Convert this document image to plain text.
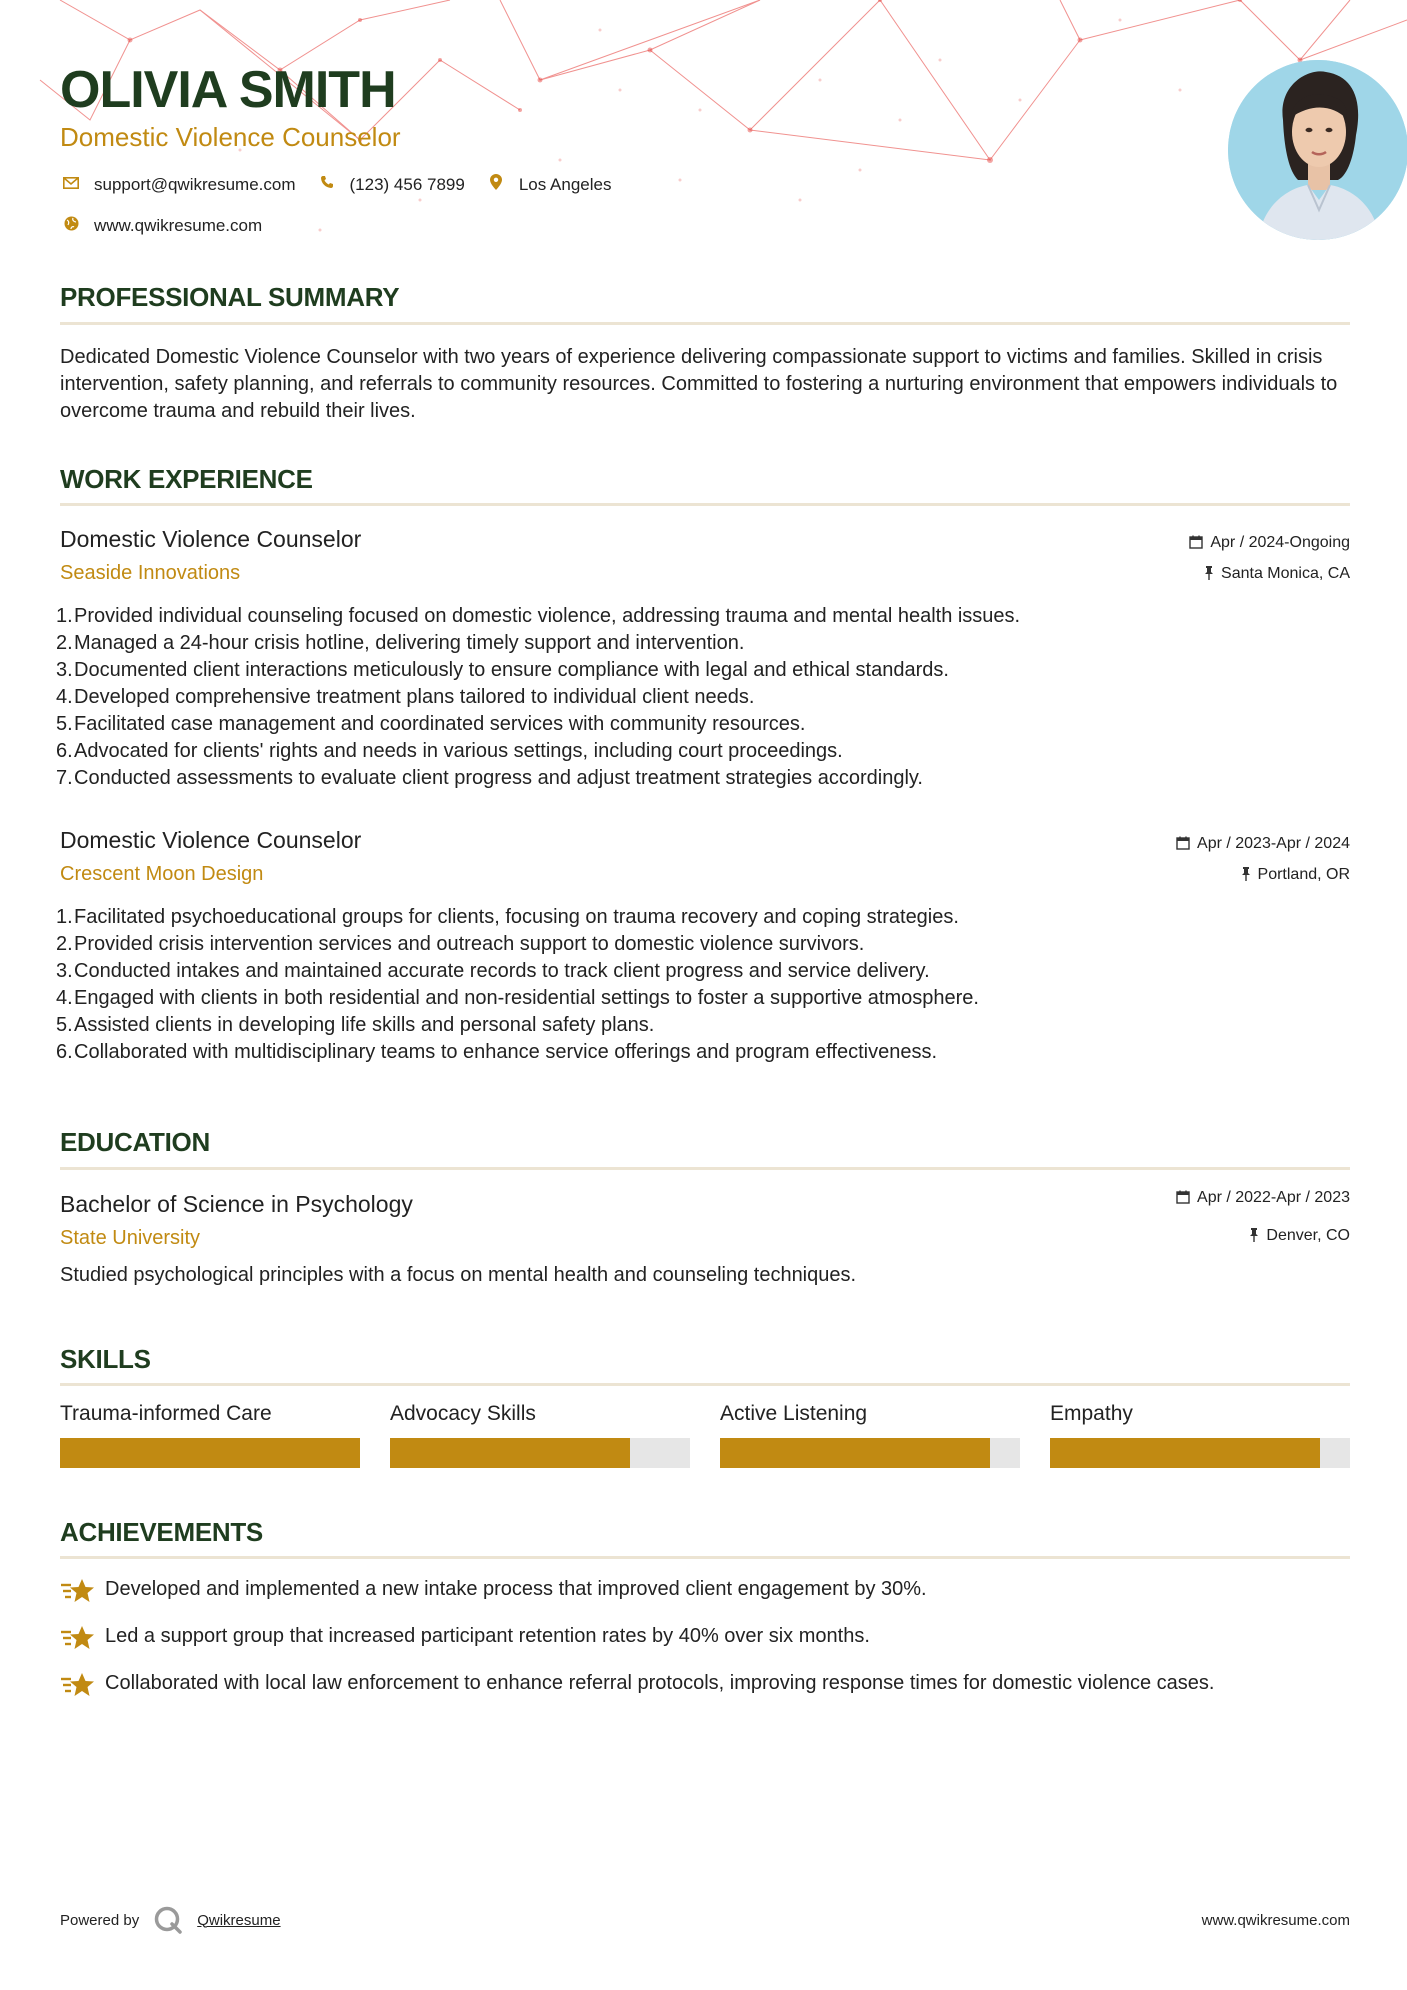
OLIVIA SMITH
Domestic Violence Counselor
support@qwikresume.com	(123) 456 7899	Los Angeles
www.qwikresume.com
PROFESSIONAL SUMMARY
Dedicated Domestic Violence Counselor with two years of experience delivering compassionate support to victims and families. Skilled in crisis intervention, safety planning, and referrals to community resources. Committed to fostering a nurturing environment that empowers individuals to overcome trauma and rebuild their lives.
WORK EXPERIENCE
Domestic Violence Counselor
Seaside Innovations
Apr / 2024-Ongoing
Santa Monica, CA
1. Provided individual counseling focused on domestic violence, addressing trauma and mental health issues.
2. Managed a 24-hour crisis hotline, delivering timely support and intervention.
3. Documented client interactions meticulously to ensure compliance with legal and ethical standards.
4. Developed comprehensive treatment plans tailored to individual client needs.
5. Facilitated case management and coordinated services with community resources.
6. Advocated for clients' rights and needs in various settings, including court proceedings.
7. Conducted assessments to evaluate client progress and adjust treatment strategies accordingly.
Domestic Violence Counselor
Crescent Moon Design
Apr / 2023-Apr / 2024
Portland, OR
1. Facilitated psychoeducational groups for clients, focusing on trauma recovery and coping strategies.
2. Provided crisis intervention services and outreach support to domestic violence survivors.
3. Conducted intakes and maintained accurate records to track client progress and service delivery.
4. Engaged with clients in both residential and non-residential settings to foster a supportive atmosphere.
5. Assisted clients in developing life skills and personal safety plans.
6. Collaborated with multidisciplinary teams to enhance service offerings and program effectiveness.
EDUCATION
Bachelor of Science in Psychology
State University
Apr / 2022-Apr / 2023
Denver, CO
Studied psychological principles with a focus on mental health and counseling techniques.
SKILLS
Trauma-informed Care	Advocacy Skills	Active Listening	Empathy
ACHIEVEMENTS
Developed and implemented a new intake process that improved client engagement by 30%.
Led a support group that increased participant retention rates by 40% over six months.
Collaborated with local law enforcement to enhance referral protocols, improving response times for domestic violence cases.
Powered by	Qwikresume	www.qwikresume.com
